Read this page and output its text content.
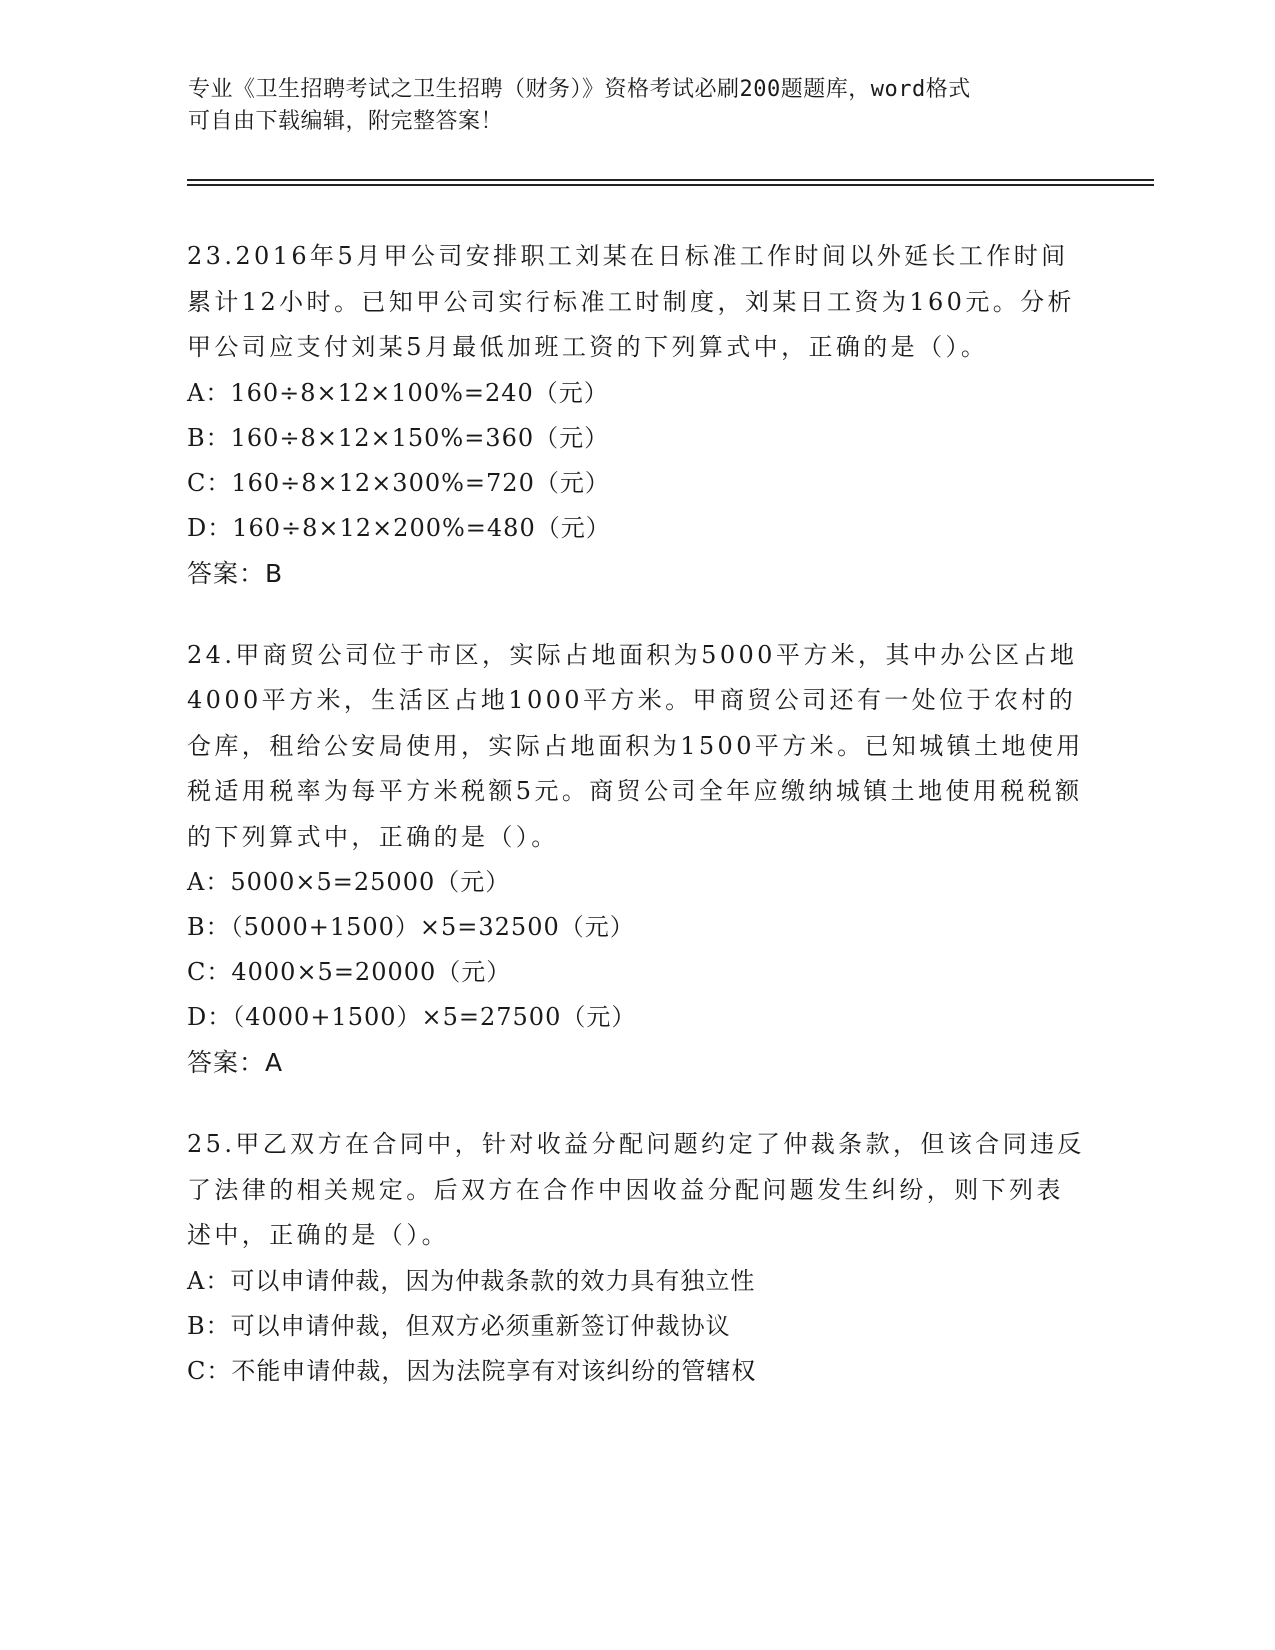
专业《卫生招聘考试之卫生招聘（财务）》资格考试必刷200题题库，word格式
可自由下载编辑，附完整答案！
23.2016年5月甲公司安排职工刘某在日标准工作时间以外延长工作时间累计12小时。已知甲公司实行标准工时制度，刘某日工资为160元。分析甲公司应支付刘某5月最低加班工资的下列算式中，正确的是（）。
A：160÷8×12×100%=240（元）
B：160÷8×12×150%=360（元）
C：160÷8×12×300%=720（元）
D：160÷8×12×200%=480（元）
答案：B
24.甲商贸公司位于市区，实际占地面积为5000平方米，其中办公区占地4000平方米，生活区占地1000平方米。甲商贸公司还有一处位于农村的仓库，租给公安局使用，实际占地面积为1500平方米。已知城镇土地使用税适用税率为每平方米税额5元。商贸公司全年应缴纳城镇土地使用税税额的下列算式中，正确的是（）。
A：5000×5=25000（元）
B：（5000+1500）×5=32500（元）
C：4000×5=20000（元）
D：（4000+1500）×5=27500（元）
答案：A
25.甲乙双方在合同中，针对收益分配问题约定了仲裁条款，但该合同违反了法律的相关规定。后双方在合作中因收益分配问题发生纠纷，则下列表述中，正确的是（）。
A：可以申请仲裁，因为仲裁条款的效力具有独立性
B：可以申请仲裁，但双方必须重新签订仲裁协议
C：不能申请仲裁，因为法院享有对该纠纷的管辖权
